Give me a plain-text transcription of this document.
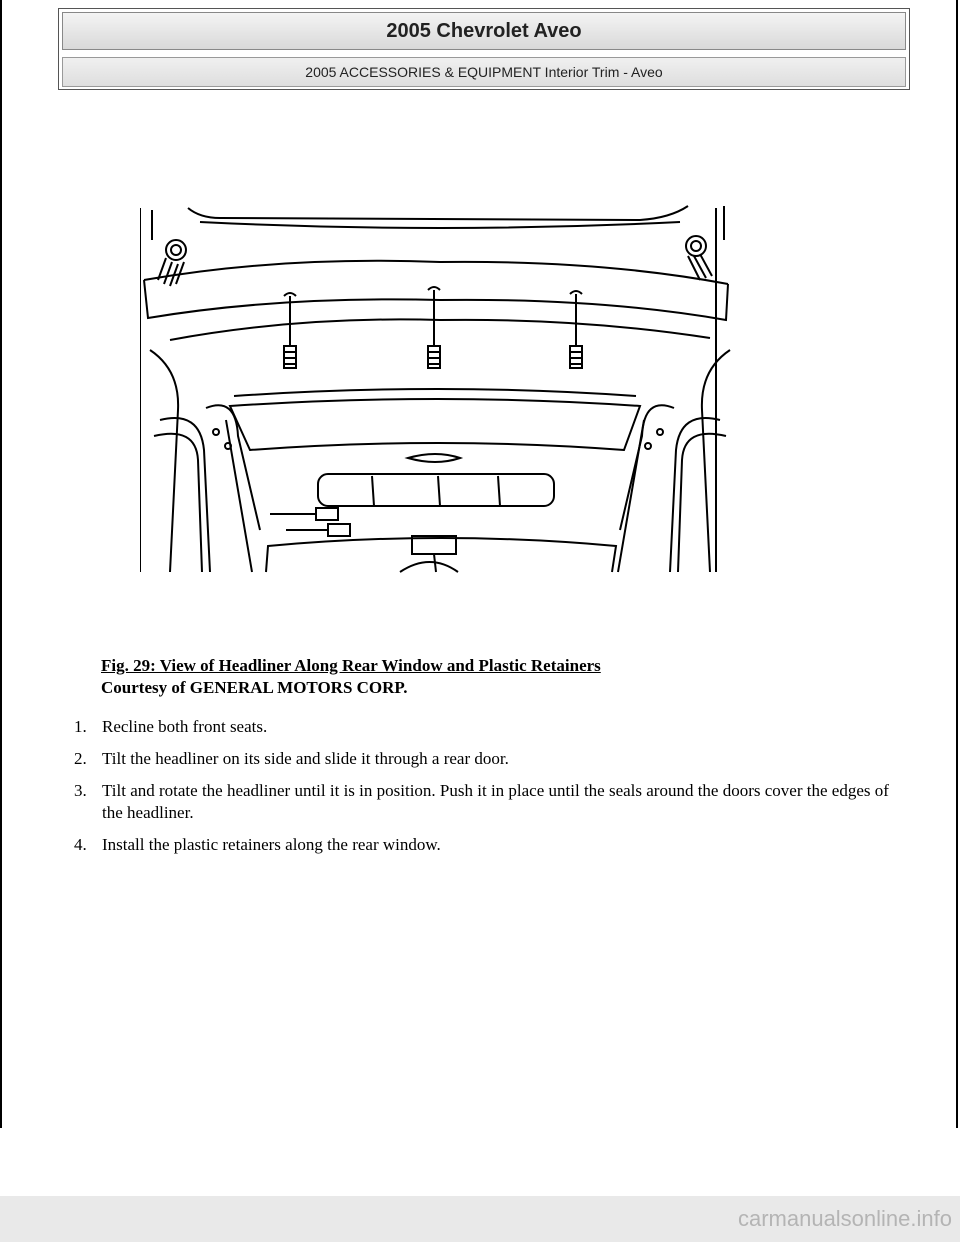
2005 Chevrolet Aveo
2005 ACCESSORIES & EQUIPMENT Interior Trim - Aveo
Fig. 29: View of Headliner Along Rear Window and Plastic Retainers
Courtesy of GENERAL MOTORS CORP.
1. Recline both front seats.
2. Tilt the headliner on its side and slide it through a rear door.
3. Tilt and rotate the headliner until it is in position. Push it in place until the seals around the doors cover the edges of the headliner.
4. Install the plastic retainers along the rear window.
carmanualsonline.info
